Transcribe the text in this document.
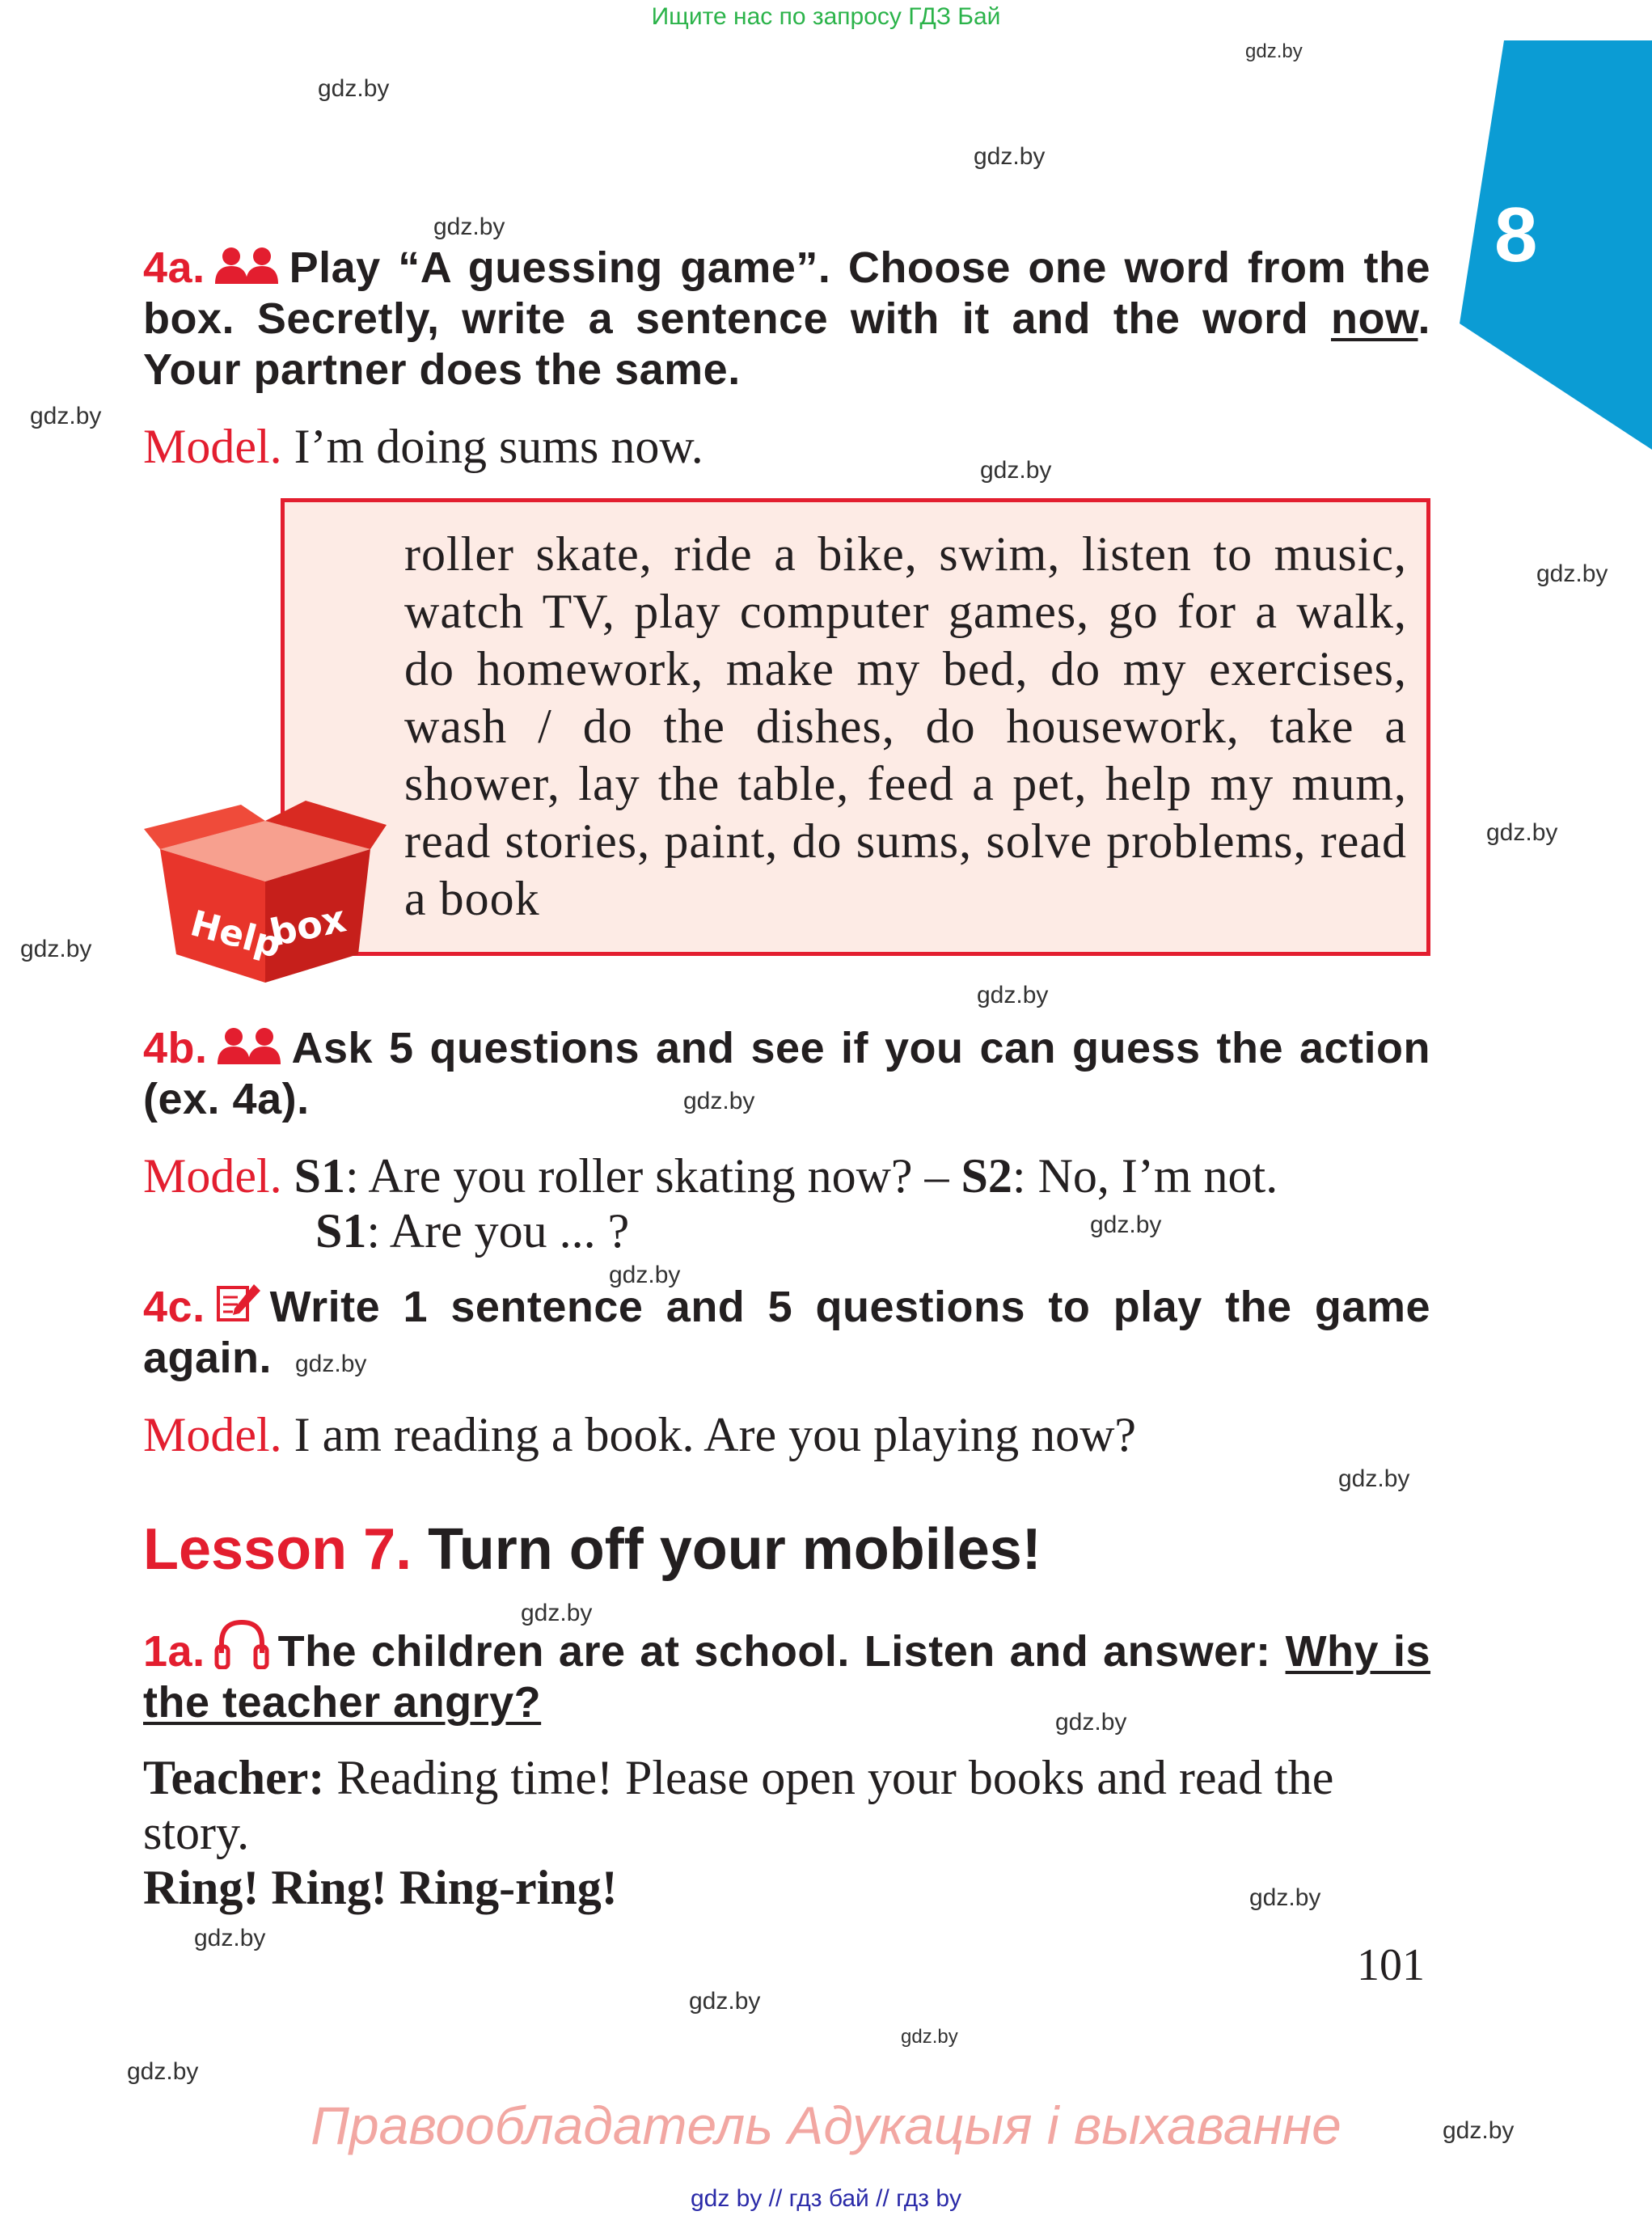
Ищите нас по запросу ГДЗ Бай
gdz.by
gdz.by
gdz.by
gdz.by
gdz.by
gdz.by
gdz.by
gdz.by
gdz.by
gdz.by
gdz.by
gdz.by
gdz.by
gdz.by
gdz.by
gdz.by
gdz.by
gdz.by
gdz.by
gdz.by
gdz.by
gdz.by
gdz.by
8
4a. Play “A guessing game”. Choose one word from the box. Secretly, write a sentence with it and the word now. Your partner does the same.
Model. I’m doing sums now.
roller skate, ride a bike, swim, listen to music, watch TV, play computer games, go for a walk, do homework, make my bed, do my exercises, wash / do the dishes, do housework, take a shower, lay the table, feed a pet, help my mum, read stories, paint, do sums, solve problems, read a book
Help
box
4b. Ask 5 questions and see if you can guess the action (ex. 4a).
Model. S1: Are you roller skating now? – S2: No, I’m not.
S1: Are you ... ?
4c. Write 1 sentence and 5 questions to play the game again.
Model. I am reading a book. Are you playing now?
Lesson 7. Turn off your mobiles!
1a. The children are at school. Listen and answer: Why is the teacher angry?
Teacher: Reading time! Please open your books and read the story.
Ring! Ring! Ring-ring!
101
Правообладатель Адукацыя і выхаванне
gdz by // гдз бай // гдз by
